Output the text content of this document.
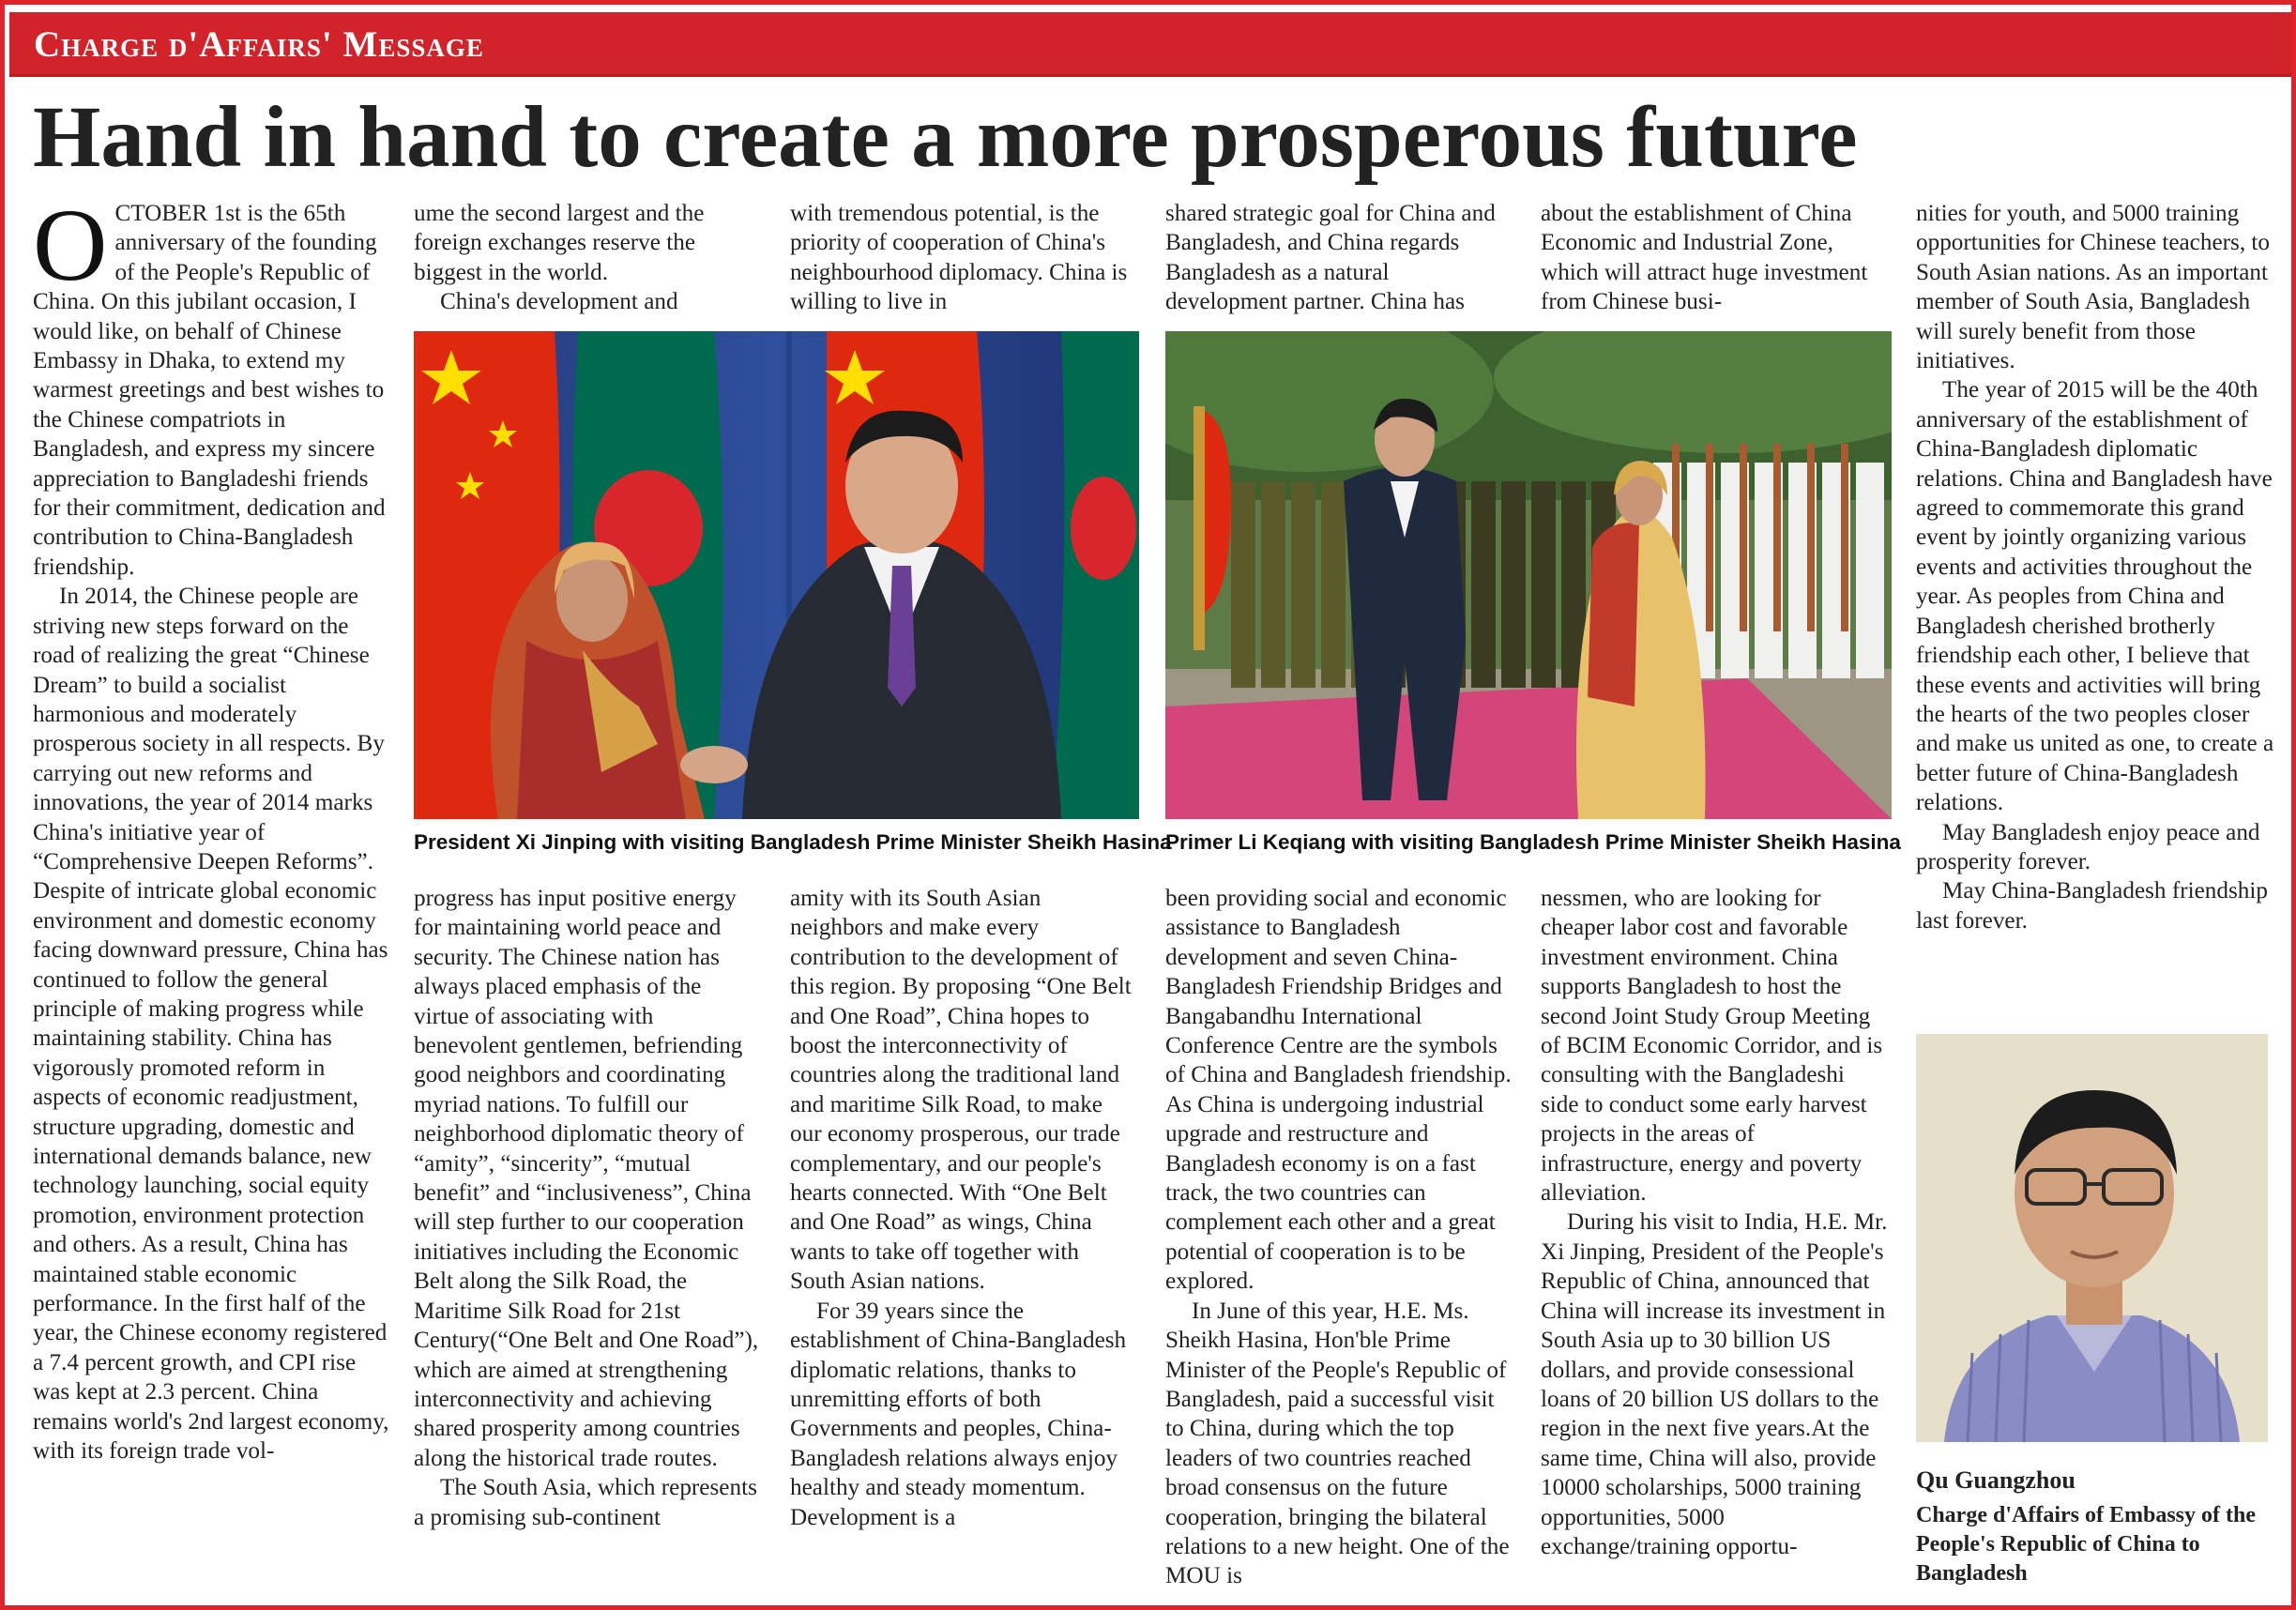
Charge d'Affairs' Message
Hand in hand to create a more prosperous future
O CTOBER 1st is the 65th anniversary of the founding of the People's Republic of China. On this jubilant occasion, I would like, on behalf of Chinese Embassy in Dhaka, to extend my warmest greetings and best wishes to the Chinese compatriots in Bangladesh, and express my sincere appreciation to Bangladeshi friends for their commitment, dedication and contribution to China-Bangladesh friendship.

In 2014, the Chinese people are striving new steps forward on the road of realizing the great “Chinese Dream” to build a socialist harmonious and moderately prosperous society in all respects. By carrying out new reforms and innovations, the year of 2014 marks China's initiative year of “Comprehensive Deepen Reforms”. Despite of intricate global economic environment and domestic economy facing downward pressure, China has continued to follow the general principle of making progress while maintaining stability. China has vigorously promoted reform in aspects of economic readjustment, structure upgrading, domestic and international demands balance, new technology launching, social equity promotion, environment protection and others. As a result, China has maintained stable economic performance. In the first half of the year, the Chinese economy registered a 7.4 percent growth, and CPI rise was kept at 2.3 percent. China remains world's 2nd largest economy, with its foreign trade vol-

ume the second largest and the foreign exchanges reserve the biggest in the world.

China's development and

with tremendous potential, is the priority of cooperation of China's neighbourhood diplomacy. China is willing to live in

shared strategic goal for China and Bangladesh, and China regards Bangladesh as a natural development partner. China has

about the establishment of China Economic and Industrial Zone, which will attract huge investment from Chinese busi-

nities for youth, and 5000 training opportunities for Chinese teachers, to South Asian nations. As an important member of South Asia, Bangladesh will surely benefit from those initiatives.

The year of 2015 will be the 40th anniversary of the establishment of China-Bangladesh diplomatic relations. China and Bangladesh have agreed to commemorate this grand event by jointly organizing various events and activities throughout the year. As peoples from China and Bangladesh cherished brotherly friendship each other, I believe that these events and activities will bring the hearts of the two peoples closer and make us united as one, to create a better future of China-Bangladesh relations.

May Bangladesh enjoy peace and prosperity forever.

May China-Bangladesh friendship last forever.

President Xi Jinping with visiting Bangladesh Prime Minister Sheikh Hasina
Primer Li Keqiang with visiting Bangladesh Prime Minister Sheikh Hasina

progress has input positive energy for maintaining world peace and security. The Chinese nation has always placed emphasis of the virtue of associating with benevolent gentlemen, befriending good neighbors and coordinating myriad nations. To fulfill our neighborhood diplomatic theory of “amity”, “sincerity”, “mutual benefit” and “inclusiveness”, China will step further to our cooperation initiatives including the Economic Belt along the Silk Road, the Maritime Silk Road for 21st Century(“One Belt and One Road”), which are aimed at strengthening interconnectivity and achieving shared prosperity among countries along the historical trade routes.

The South Asia, which represents a promising sub-continent

amity with its South Asian neighbors and make every contribution to the development of this region. By proposing “One Belt and One Road”, China hopes to boost the interconnectivity of countries along the traditional land and maritime Silk Road, to make our economy prosperous, our trade complementary, and our people's hearts connected. With “One Belt and One Road” as wings, China wants to take off together with South Asian nations.

For 39 years since the establishment of China-Bangladesh diplomatic relations, thanks to unremitting efforts of both Governments and peoples, China-Bangladesh relations always enjoy healthy and steady momentum. Development is a

been providing social and economic assistance to Bangladesh development and seven China-Bangladesh Friendship Bridges and Bangabandhu International Conference Centre are the symbols of China and Bangladesh friendship. As China is undergoing industrial upgrade and restructure and Bangladesh economy is on a fast track, the two countries can complement each other and a great potential of cooperation is to be explored.

In June of this year, H.E. Ms. Sheikh Hasina, Hon'ble Prime Minister of the People's Republic of Bangladesh, paid a successful visit to China, during which the top leaders of two countries reached broad consensus on the future cooperation, bringing the bilateral relations to a new height. One of the MOU is

nessmen, who are looking for cheaper labor cost and favorable investment environment. China supports Bangladesh to host the second Joint Study Group Meeting of BCIM Economic Corridor, and is consulting with the Bangladeshi side to conduct some early harvest projects in the areas of infrastructure, energy and poverty alleviation.

During his visit to India, H.E. Mr. Xi Jinping, President of the People's Republic of China, announced that China will increase its investment in South Asia up to 30 billion US dollars, and provide consessional loans of 20 billion US dollars to the region in the next five years.At the same time, China will also, provide 10000 scholarships, 5000 training opportunities, 5000 exchange/training opportu-

Qu Guangzhou
Charge d'Affairs of Embassy of the People's Republic of China to Bangladesh
